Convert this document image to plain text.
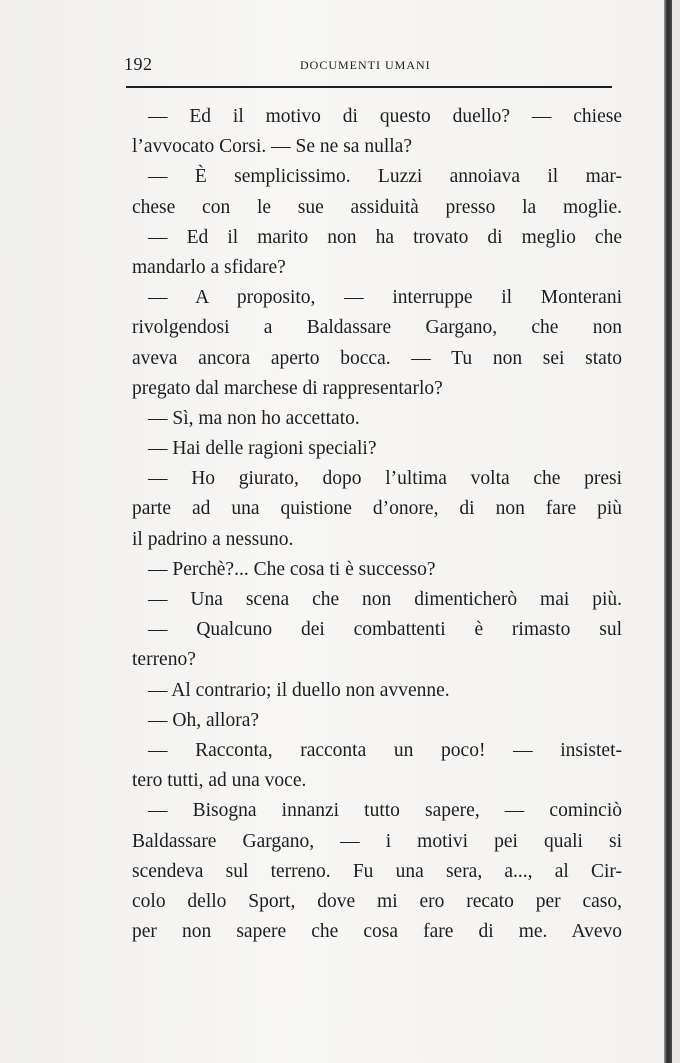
192	DOCUMENTI UMANI
— Ed il motivo di questo duello? — chiese
l’avvocato Corsi. — Se ne sa nulla?
— È semplicissimo. Luzzi annoiava il mar-
chese con le sue assiduità presso la moglie.
— Ed il marito non ha trovato di meglio che
mandarlo a sfidare?
— A proposito, — interruppe il Monterani
rivolgendosi a Baldassare Gargano, che non
aveva ancora aperto bocca. — Tu non sei stato
pregato dal marchese di rappresentarlo?
— Sì, ma non ho accettato.
— Hai delle ragioni speciali?
— Ho giurato, dopo l’ultima volta che presi
parte ad una quistione d’onore, di non fare più
il padrino a nessuno.
— Perchè?... Che cosa ti è successo?
— Una scena che non dimenticherò mai più.
— Qualcuno dei combattenti è rimasto sul
terreno?
— Al contrario; il duello non avvenne.
— Oh, allora?
— Racconta, racconta un poco! — insistet-
tero tutti, ad una voce.
— Bisogna innanzi tutto sapere, — cominciò
Baldassare Gargano, — i motivi pei quali si
scendeva sul terreno. Fu una sera, a..., al Cir-
colo dello Sport, dove mi ero recato per caso,
per non sapere che cosa fare di me. Avevo
